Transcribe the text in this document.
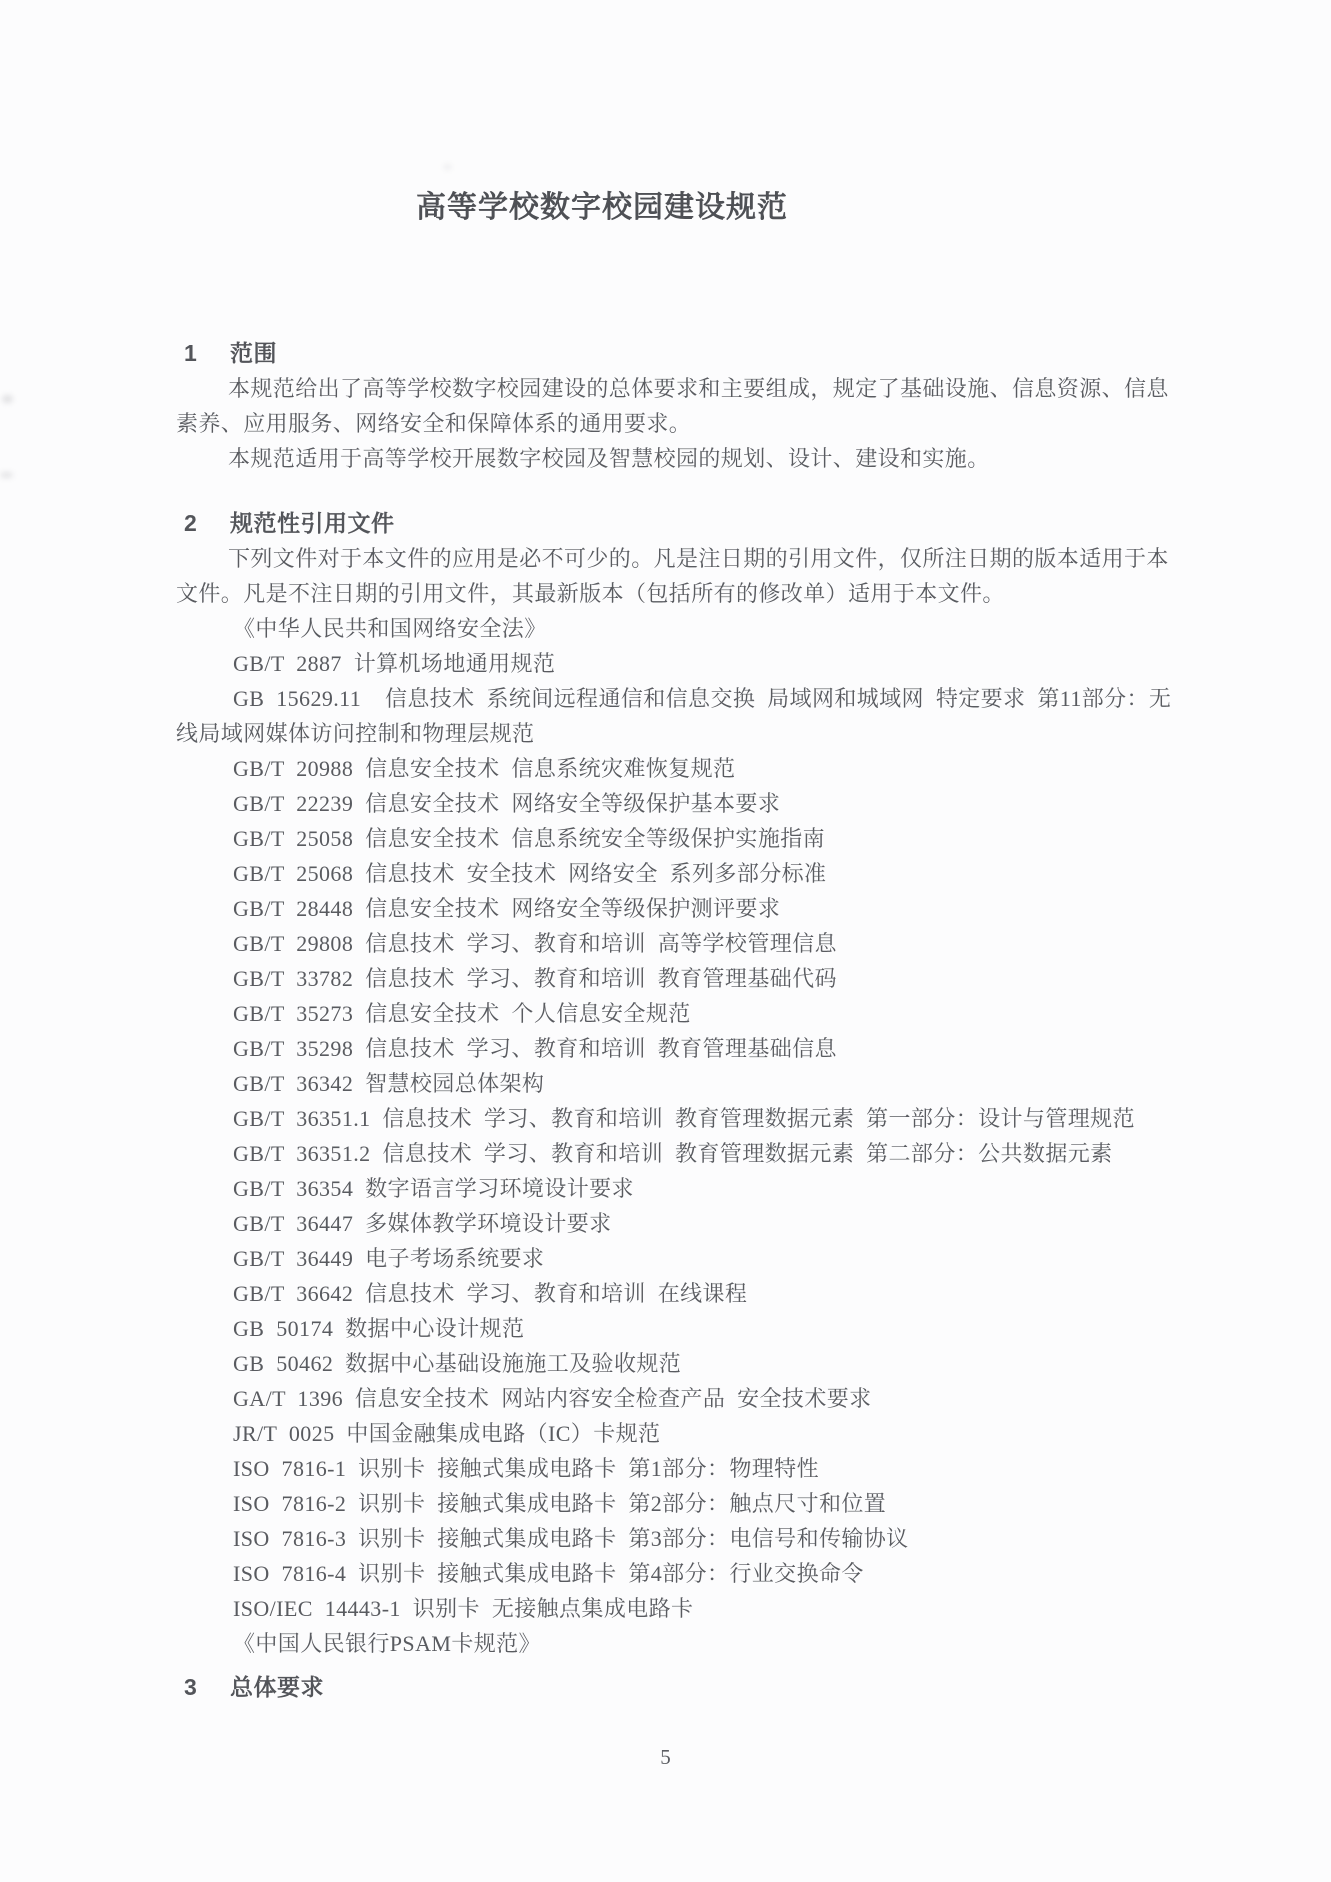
高等学校数字校园建设规范
1 范围
本规范给出了高等学校数字校园建设的总体要求和主要组成，规定了基础设施、信息资源、信息
素养、应用服务、网络安全和保障体系的通用要求。
本规范适用于高等学校开展数字校园及智慧校园的规划、设计、建设和实施。
2 规范性引用文件
下列文件对于本文件的应用是必不可少的。凡是注日期的引用文件，仅所注日期的版本适用于本
文件。凡是不注日期的引用文件，其最新版本（包括所有的修改单）适用于本文件。
《中华人民共和国网络安全法》
GB/T 2887 计算机场地通用规范
GB 15629.11  信息技术 系统间远程通信和信息交换 局域网和城域网 特定要求 第11部分：无
线局域网媒体访问控制和物理层规范
GB/T 20988 信息安全技术 信息系统灾难恢复规范
GB/T 22239 信息安全技术 网络安全等级保护基本要求
GB/T 25058 信息安全技术 信息系统安全等级保护实施指南
GB/T 25068 信息技术 安全技术 网络安全 系列多部分标准
GB/T 28448 信息安全技术 网络安全等级保护测评要求
GB/T 29808 信息技术 学习、教育和培训 高等学校管理信息
GB/T 33782 信息技术 学习、教育和培训 教育管理基础代码
GB/T 35273 信息安全技术 个人信息安全规范
GB/T 35298 信息技术 学习、教育和培训 教育管理基础信息
GB/T 36342 智慧校园总体架构
GB/T 36351.1 信息技术 学习、教育和培训 教育管理数据元素 第一部分：设计与管理规范
GB/T 36351.2 信息技术 学习、教育和培训 教育管理数据元素 第二部分：公共数据元素
GB/T 36354 数字语言学习环境设计要求
GB/T 36447 多媒体教学环境设计要求
GB/T 36449 电子考场系统要求
GB/T 36642 信息技术 学习、教育和培训 在线课程
GB 50174 数据中心设计规范
GB 50462 数据中心基础设施施工及验收规范
GA/T 1396 信息安全技术 网站内容安全检查产品 安全技术要求
JR/T 0025 中国金融集成电路（IC）卡规范
ISO 7816-1 识别卡 接触式集成电路卡 第1部分：物理特性
ISO 7816-2 识别卡 接触式集成电路卡 第2部分：触点尺寸和位置
ISO 7816-3 识别卡 接触式集成电路卡 第3部分：电信号和传输协议
ISO 7816-4 识别卡 接触式集成电路卡 第4部分：行业交换命令
ISO/IEC 14443-1 识别卡 无接触点集成电路卡
《中国人民银行PSAM卡规范》
3 总体要求
5
